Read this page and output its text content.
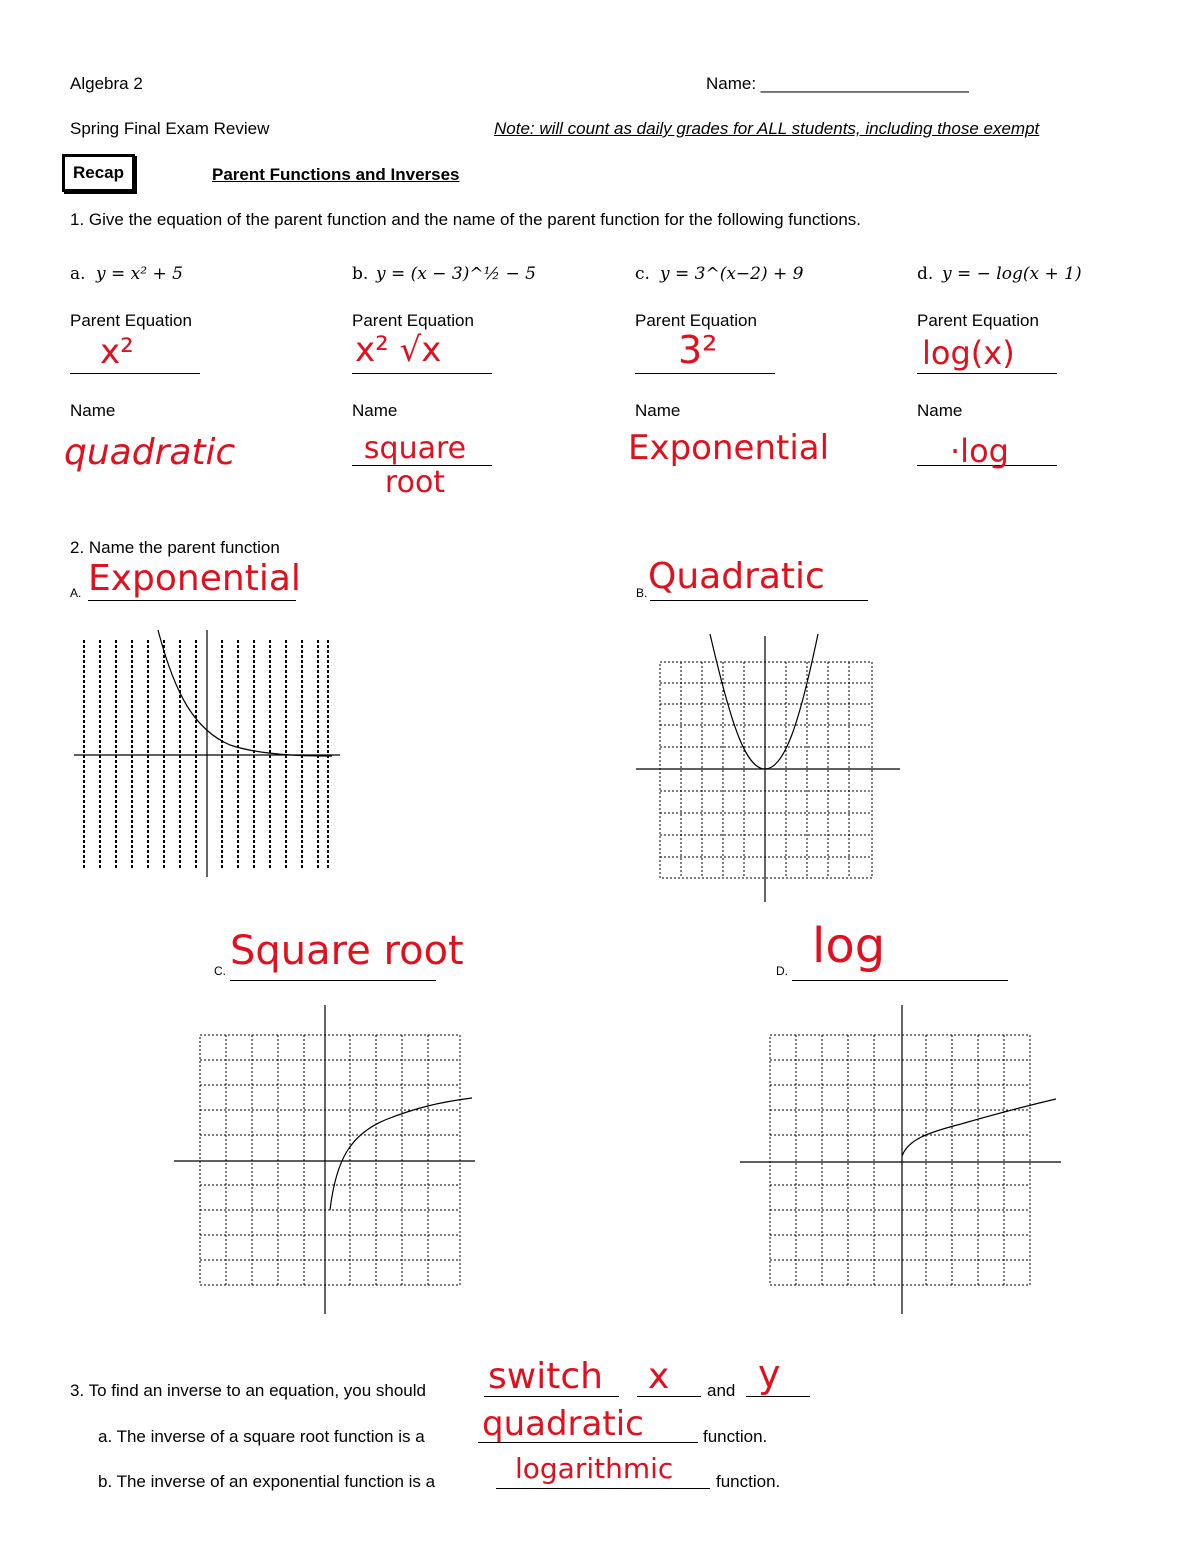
Algebra 2	Name: ______________________
Spring Final Exam Review	Note: will count as daily grades for ALL students, including those exempt
Recap	Parent Functions and Inverses
1. Give the equation of the parent function and the name of the parent function for the following functions.
a. y = x² + 5
Parent Equation
x²
Name
quadratic
b. y = (x − 3)^½ − 5
Parent Equation
x² √x
Name
square root
c. y = 3^(x−2) + 9
Parent Equation
3²
Name
Exponential
d. y = − log(x + 1)
Parent Equation
log(x)
Name
·log
2. Name the parent function
A. Exponential	B. Quadratic
C. Square root	D. log
3. To find an inverse to an equation, you should switch x and y
a. The inverse of a square root function is a quadratic	function.
b. The inverse of an exponential function is a	logarithmic	function.
